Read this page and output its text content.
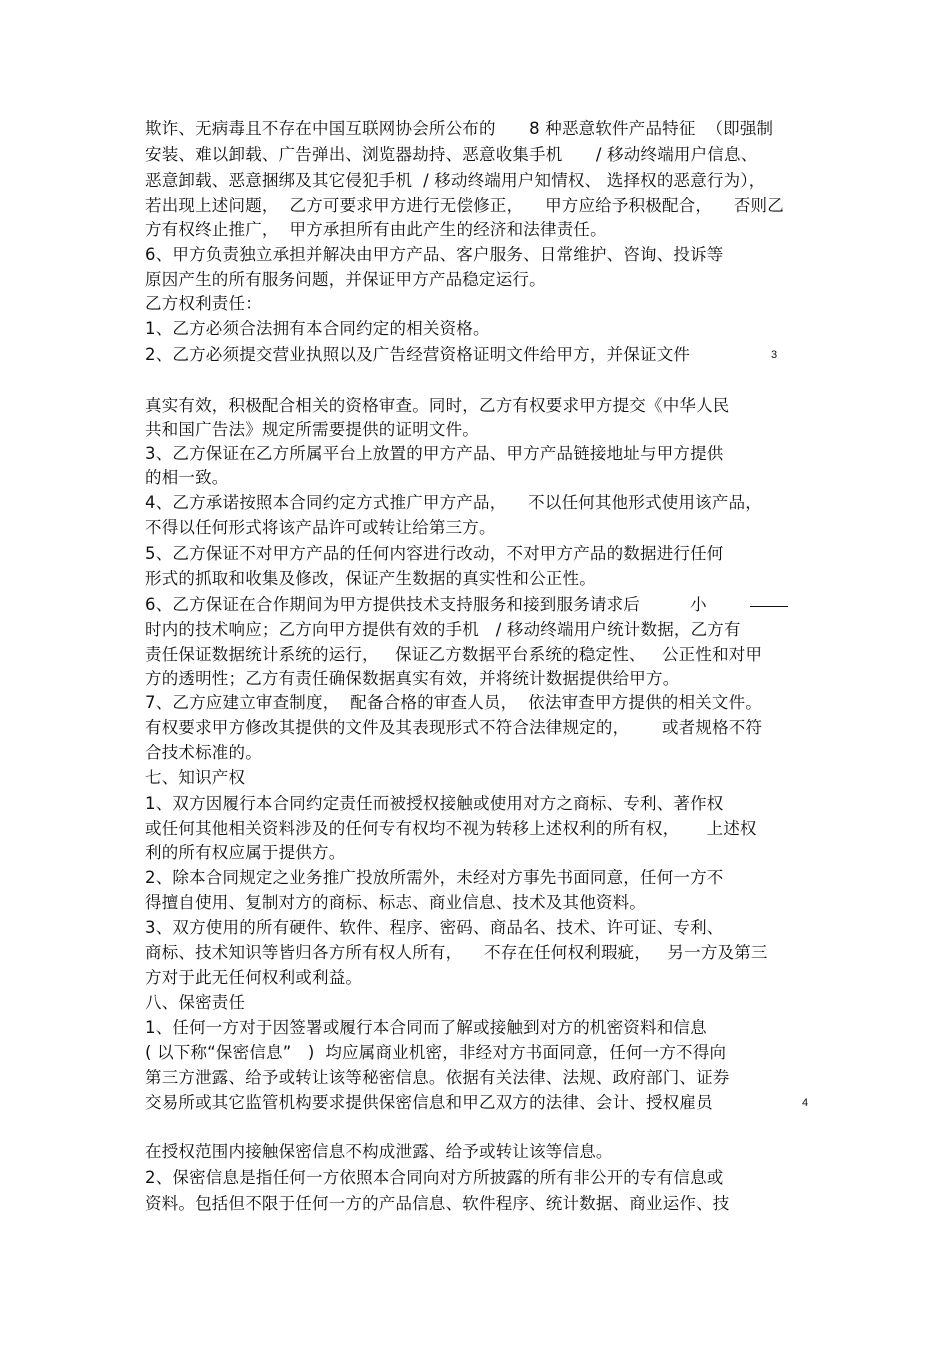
欺诈、无病毒且不存在中国互联网协会所公布的　　8 种恶意软件产品特征  （即强制
安装、难以卸载、广告弹出、浏览器劫持、恶意收集手机　　/ 移动终端用户信息、
恶意卸载、恶意捆绑及其它侵犯手机  / 移动终端用户知情权、 选择权的恶意行为），
若出现上述问题，  乙方可要求甲方进行无偿修正，    甲方应给予积极配合，    否则乙
方有权终止推广，  甲方承担所有由此产生的经济和法律责任。
6、甲方负责独立承担并解决由甲方产品、客户服务、日常维护、咨询、投诉等
原因产生的所有服务问题，并保证甲方产品稳定运行。
乙方权利责任：
1、乙方必须合法拥有本合同约定的相关资格。
2、乙方必须提交营业执照以及广告经营资格证明文件给甲方，并保证文件	3
真实有效，积极配合相关的资格审查。同时，乙方有权要求甲方提交《中华人民
共和国广告法》规定所需要提供的证明文件。
3、乙方保证在乙方所属平台上放置的甲方产品、甲方产品链接地址与甲方提供
的相一致。
4、乙方承诺按照本合同约定方式推广甲方产品，    不以任何其他形式使用该产品，
不得以任何形式将该产品许可或转让给第三方。
5、乙方保证不对甲方产品的任何内容进行改动，不对甲方产品的数据进行任何
形式的抓取和收集及修改，保证产生数据的真实性和公正性。
6、乙方保证在合作期间为甲方提供技术支持服务和接到服务请求后　　　小
时内的技术响应；乙方向甲方提供有效的手机　/ 移动终端用户统计数据，乙方有
责任保证数据统计系统的运行，   保证乙方数据平台系统的稳定性、   公正性和对甲
方的透明性；乙方有责任确保数据真实有效，并将统计数据提供给甲方。
7、乙方应建立审查制度，  配备合格的审查人员，  依法审查甲方提供的相关文件。
有权要求甲方修改其提供的文件及其表现形式不符合法律规定的，      或者规格不符
合技术标准的。
七、知识产权
1、双方因履行本合同约定责任而被授权接触或使用对方之商标、专利、著作权
或任何其他相关资料涉及的任何专有权均不视为转移上述权利的所有权，     上述权
利的所有权应属于提供方。
2、除本合同规定之业务推广投放所需外，未经对方事先书面同意，任何一方不
得擅自使用、复制对方的商标、标志、商业信息、技术及其他资料。
3、双方使用的所有硬件、软件、程序、密码、商品名、技术、许可证、专利、
商标、技术知识等皆归各方所有权人所有，    不存在任何权利瑕疵，   另一方及第三
方对于此无任何权利或利益。
八、保密责任
1、任何一方对于因签署或履行本合同而了解或接触到对方的机密资料和信息
( 以下称“保密信息”   )  均应属商业机密，非经对方书面同意，任何一方不得向
第三方泄露、给予或转让该等秘密信息。依据有关法律、法规、政府部门、证券
交易所或其它监管机构要求提供保密信息和甲乙双方的法律、会计、授权雇员	4
在授权范围内接触保密信息不构成泄露、给予或转让该等信息。
2、保密信息是指任何一方依照本合同向对方所披露的所有非公开的专有信息或
资料。包括但不限于任何一方的产品信息、软件程序、统计数据、商业运作、技
